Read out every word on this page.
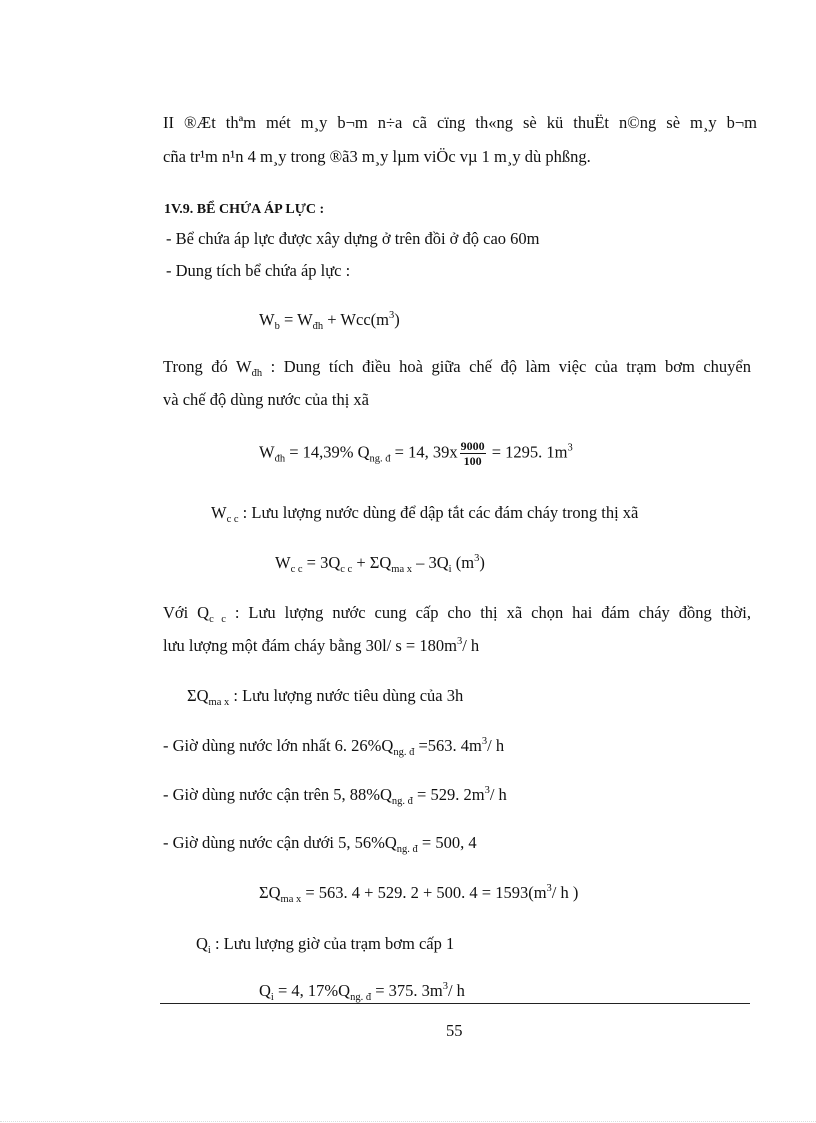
II ®Æt thªm mét m¸y b¬m n÷a cã cïng th«ng sè kü thuËt n©ng sè m¸y b¬m
cña tr¹m n¹n 4 m¸y trong ®ã3 m¸y lµm viÖc vµ 1 m¸y dù phßng.
1V.9. BỂ CHỨA ÁP LỰC :
- Bể chứa áp lực được xây dựng ở trên đồi ở độ cao 60m
- Dung tích bể chứa áp lực :
$W_b = W_{đh} + Wcc(m^3)$
Trong đó $W_{đh}$ : Dung tích điều hoà giữa chế độ làm việc của trạm bơm chuyển
và chế độ dùng nước của thị xã
$W_{đh} = 14,39\%$ $Q_{ng. đ} = 14$, $39x \frac{9000}{100} = 1295$. $1m^3$
$W_{c c}$ : Lưu lượng nước dùng để dập tắt các đám cháy trong thị xã
$W_{c c} = 3Q_{c c} + \Sigma Q_{ma x} - 3Q_i$ $(m^3)$
Với $Q_{c c}$ : Lưu lượng nước cung cấp cho thị xã chọn hai đám cháy đồng thời,
lưu lượng một đám cháy bằng 30l/ $s = 180m^3/$ h
$\Sigma Q_{ma x}$ : Lưu lượng nước tiêu dùng của 3h
- Giờ dùng nước lớn nhất 6. $26\%Q_{ng. đ} =563$. $4m^3/$ h
- Giờ dùng nước cận trên 5, $88\%Q_{ng. đ} = 529$. $2m^3/$ h
- Giờ dùng nước cận dưới 5, $56\%Q_{ng. đ} = 500$, 4
$\Sigma Q_{ma x} = 563$. 4 + 529. 2 + 500. $4 = 1593(m^3/$ h )
$Q_i$ : Lưu lượng giờ của trạm bơm cấp 1
$Q_i = 4$, $17\%Q_{ng. đ} = 375$. $3m^3/$ h
55
